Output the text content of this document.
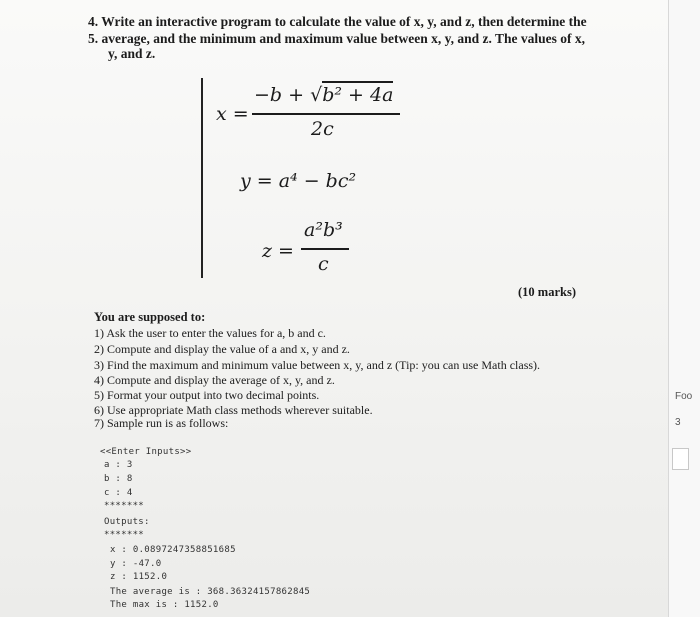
4. Write an interactive program to calculate the value of x, y, and z, then determine the
5. average, and the minimum and maximum value between x, y, and z. The values of x,
y, and z.
x =
−b + √b² + 4a
2c
y = a⁴ − bc²
z =
a²b³
c
(10 marks)
You are supposed to:
1) Ask the user to enter the values for a, b and c.
2) Compute and display the value of a and x, y and z.
3) Find the maximum and minimum value between x, y, and z (Tip: you can use Math class).
4) Compute and display the average of x, y, and z.
5) Format your output into two decimal points.
6) Use appropriate Math class methods wherever suitable.
7) Sample run is as follows:
<<Enter Inputs>>
a : 3
b : 8
c : 4
*******
Outputs:
*******
x : 0.0897247358851685
y : -47.0
z : 1152.0
The average is : 368.36324157862845
The max is : 1152.0
Foo
3
